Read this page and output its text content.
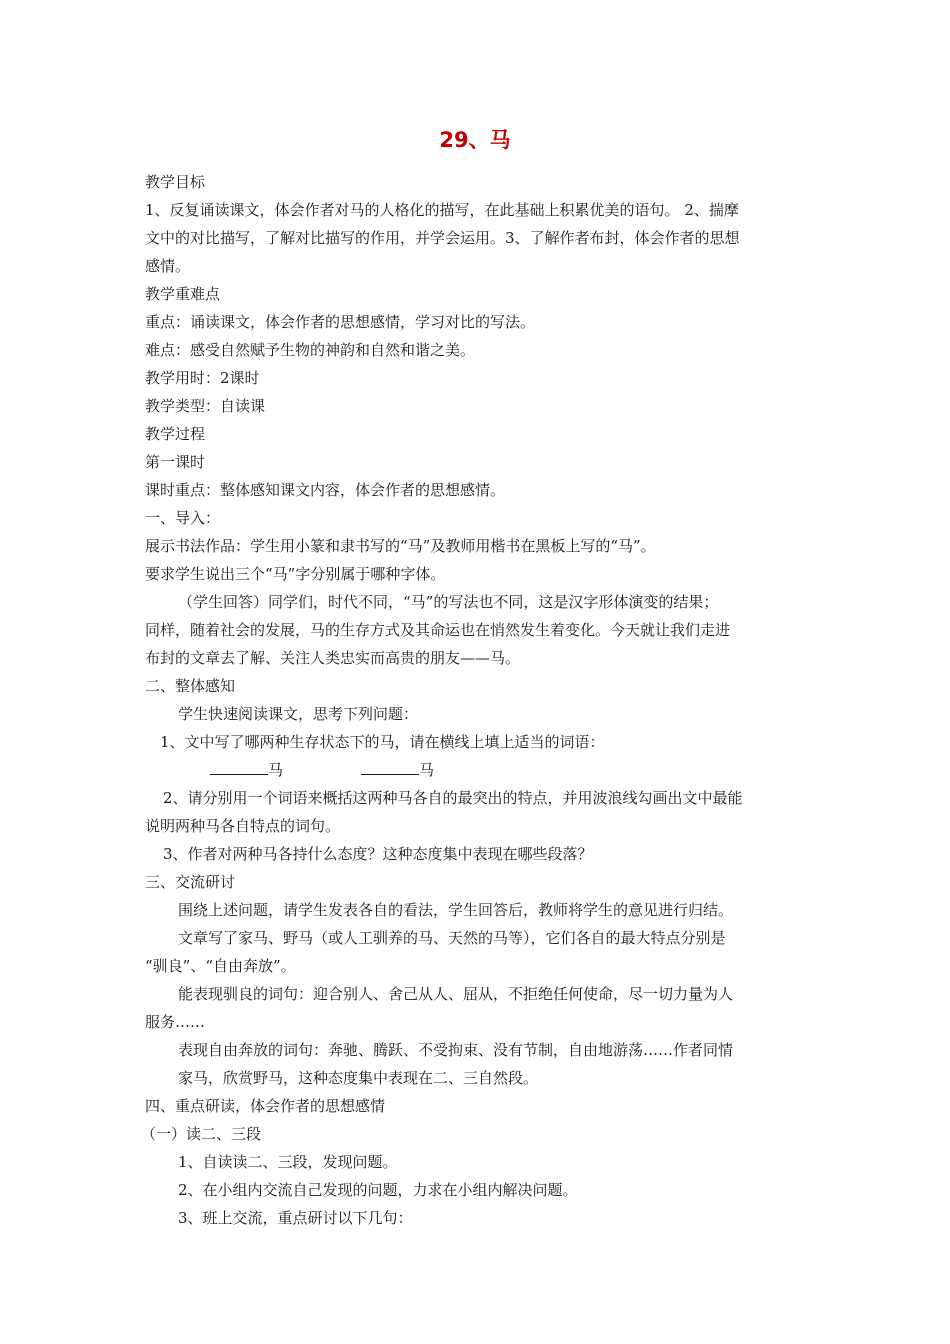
29、马
教学目标
1、反复诵读课文，体会作者对马的人格化的描写，在此基础上积累优美的语句。 2、揣摩
文中的对比描写，了解对比描写的作用，并学会运用。3、了解作者布封，体会作者的思想
感情。
教学重难点
重点：诵读课文，体会作者的思想感情，学习对比的写法。
难点：感受自然赋予生物的神韵和自然和谐之美。
教学用时：2课时
教学类型：自读课
教学过程
第一课时
课时重点：整体感知课文内容，体会作者的思想感情。
一、导入：
展示书法作品：学生用小篆和隶书写的“马”及教师用楷书在黑板上写的“马”。
要求学生说出三个“马”字分别属于哪种字体。
（学生回答）同学们，时代不同，“马”的写法也不同，这是汉字形体演变的结果；
同样，随着社会的发展，马的生存方式及其命运也在悄然发生着变化。今天就让我们走进
布封的文章去了解、关注人类忠实而高贵的朋友——马。
二、整体感知
学生快速阅读课文，思考下列问题：
1、文中写了哪两种生存状态下的马，请在横线上填上适当的词语：
马	马
2、请分别用一个词语来概括这两种马各自的最突出的特点，并用波浪线勾画出文中最能
说明两种马各自特点的词句。
3、作者对两种马各持什么态度？这种态度集中表现在哪些段落？
三、交流研讨
围绕上述问题，请学生发表各自的看法，学生回答后，教师将学生的意见进行归结。
文章写了家马、野马（或人工驯养的马、天然的马等），它们各自的最大特点分别是
“驯良”、“自由奔放”。
能表现驯良的词句：迎合别人、舍己从人、屈从，不拒绝任何使命，尽一切力量为人
服务……
表现自由奔放的词句：奔驰、腾跃、不受拘束、没有节制，自由地游荡……作者同情
家马，欣赏野马，这种态度集中表现在二、三自然段。
四、重点研读，体会作者的思想感情
（一）读二、三段
1、自读读二、三段，发现问题。
2、在小组内交流自己发现的问题，力求在小组内解决问题。
3、班上交流，重点研讨以下几句：
